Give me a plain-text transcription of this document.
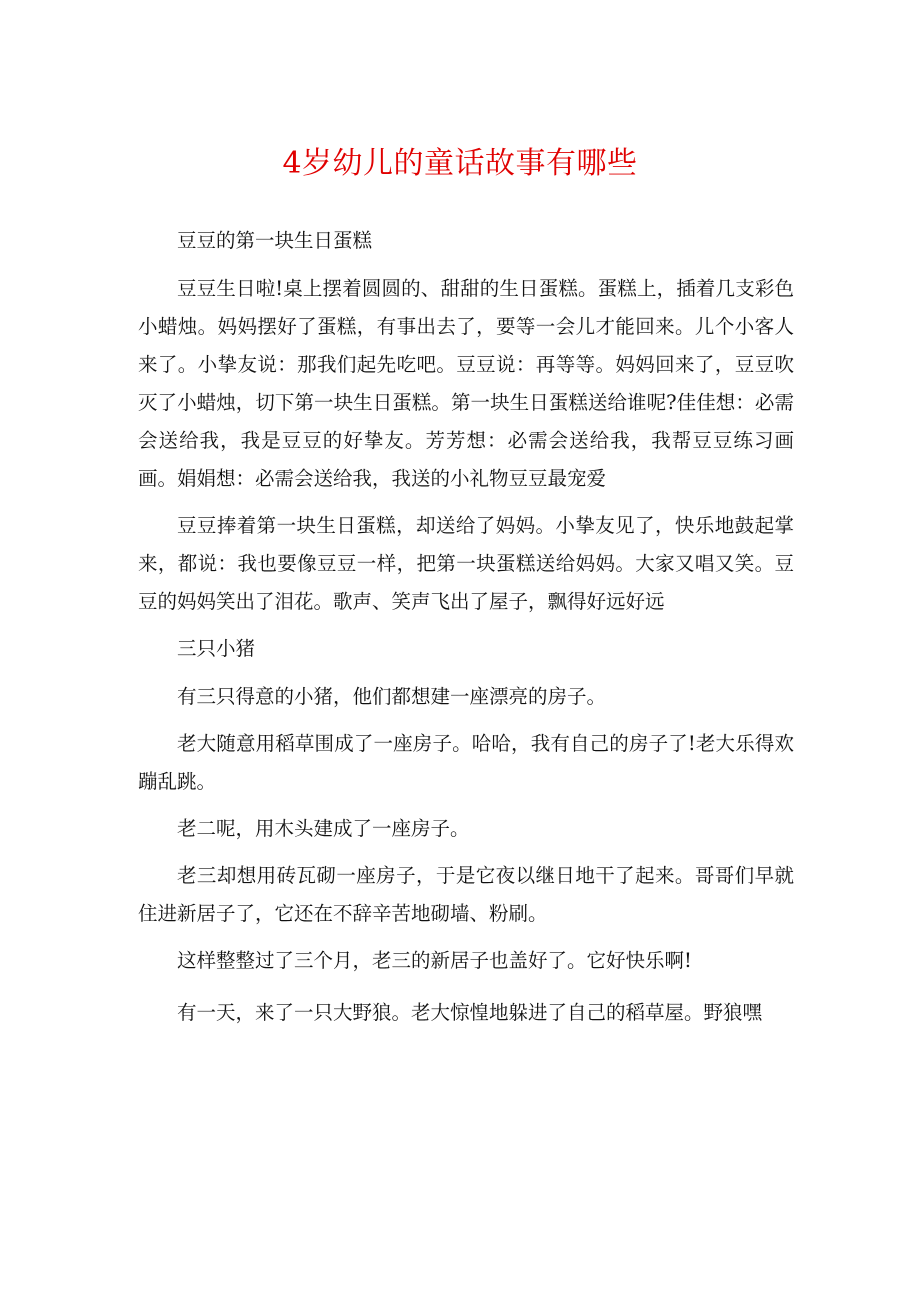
4岁幼儿的童话故事有哪些

豆豆的第一块生日蛋糕

豆豆生日啦!桌上摆着圆圆的、甜甜的生日蛋糕。蛋糕上，插着几支彩色小蜡烛。妈妈摆好了蛋糕，有事出去了，要等一会儿才能回来。儿个小客人来了。小挚友说：那我们起先吃吧。豆豆说：再等等。妈妈回来了，豆豆吹灭了小蜡烛，切下第一块生日蛋糕。第一块生日蛋糕送给谁呢?佳佳想：必需会送给我，我是豆豆的好挚友。芳芳想：必需会送给我，我帮豆豆练习画画。娟娟想：必需会送给我，我送的小礼物豆豆最宠爱

豆豆捧着第一块生日蛋糕，却送给了妈妈。小挚友见了，快乐地鼓起掌来，都说：我也要像豆豆一样，把第一块蛋糕送给妈妈。大家又唱又笑。豆豆的妈妈笑出了泪花。歌声、笑声飞出了屋子，飘得好远好远

三只小猪

有三只得意的小猪，他们都想建一座漂亮的房子。

老大随意用稻草围成了一座房子。哈哈，我有自己的房子了!老大乐得欢蹦乱跳。

老二呢，用木头建成了一座房子。

老三却想用砖瓦砌一座房子，于是它夜以继日地干了起来。哥哥们早就住进新居子了，它还在不辞辛苦地砌墙、粉刷。

这样整整过了三个月，老三的新居子也盖好了。它好快乐啊!

有一天，来了一只大野狼。老大惊惶地躲进了自己的稻草屋。野狼嘿
